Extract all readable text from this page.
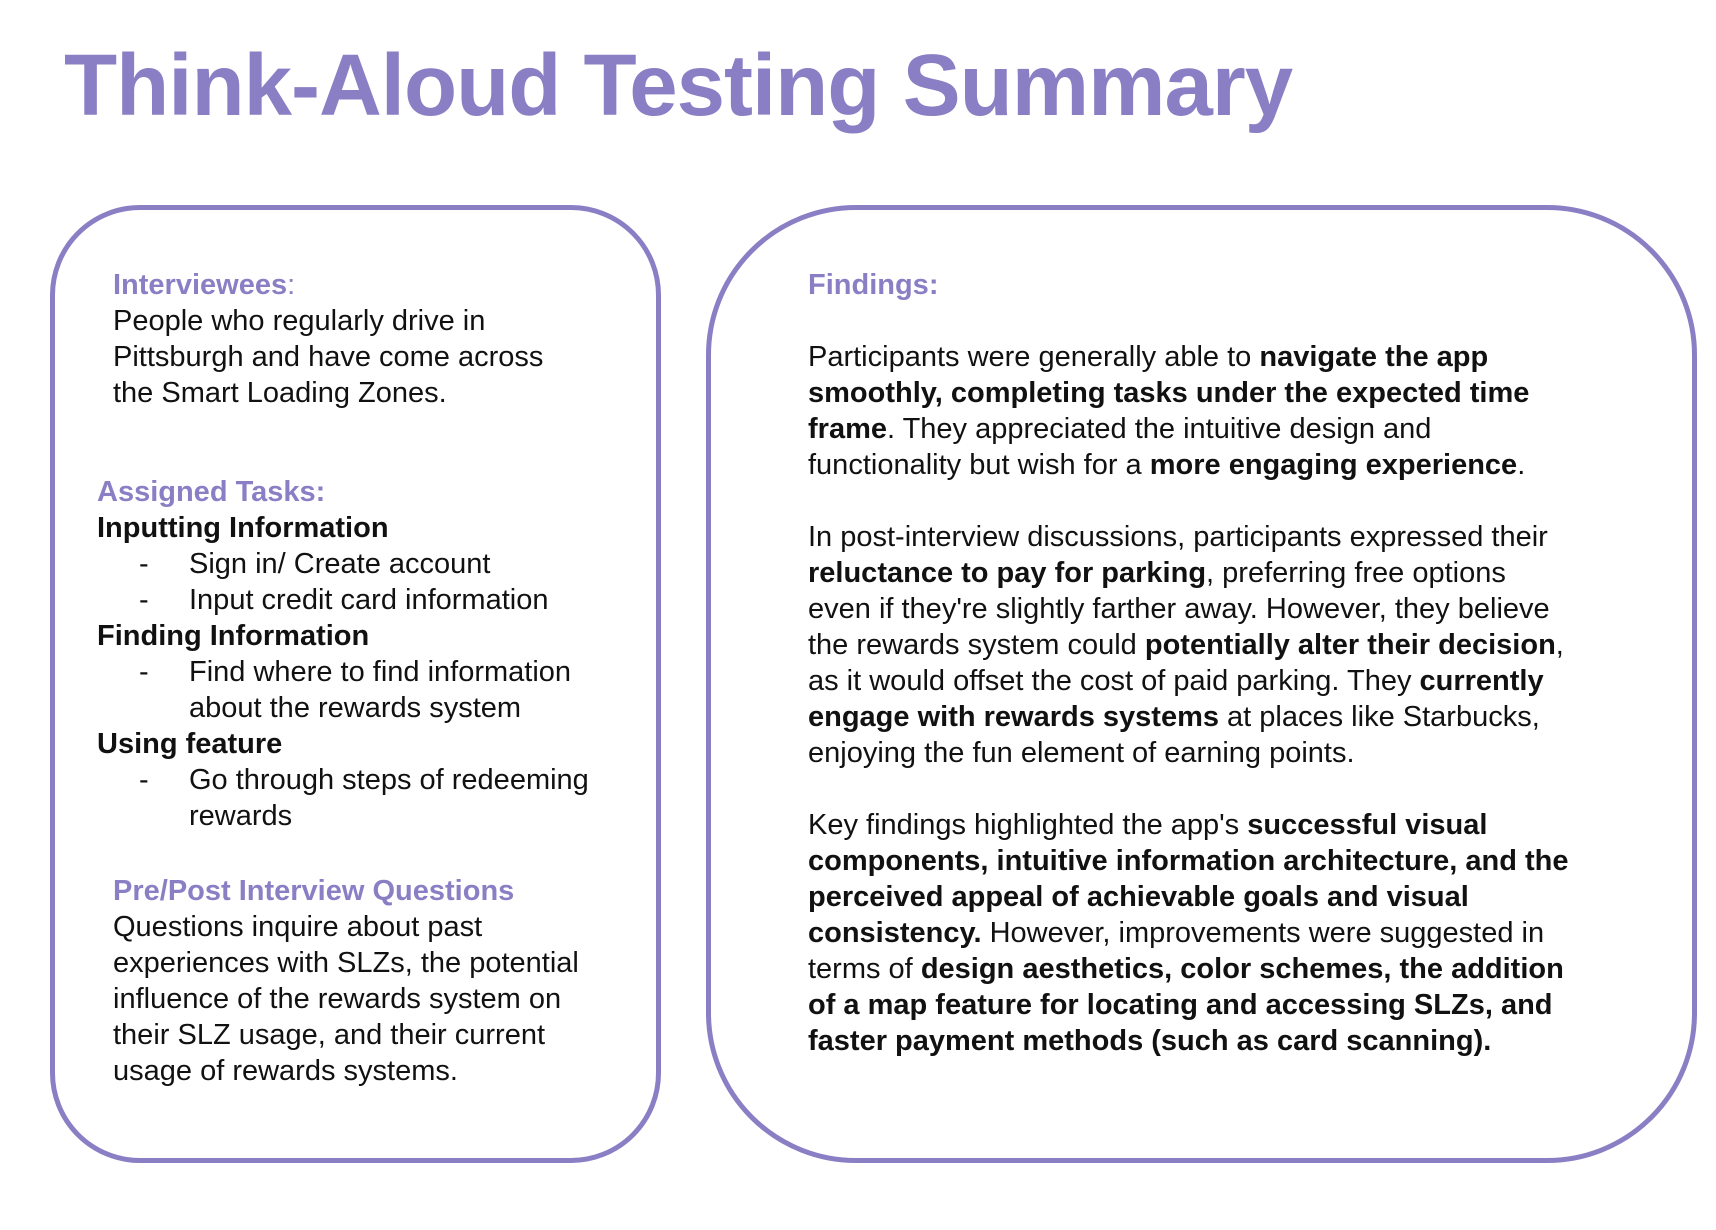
Think-Aloud Testing Summary
Interviewees:

People who regularly drive in

Pittsburgh and have come across

the Smart Loading Zones.

Assigned Tasks:
Inputting Information
-	Sign in/ Create account
-	Input credit card information
Finding Information
-	Find where to find information
about the rewards system
Using feature
-	Go through steps of redeeming
rewards
Pre/Post Interview Questions

Questions inquire about past

experiences with SLZs, the potential

influence of the rewards system on

their SLZ usage, and their current

usage of rewards systems.

Findings:

Participants were generally able to navigate the app
smoothly, completing tasks under the expected time
frame. They appreciated the intuitive design and
functionality but wish for a more engaging experience.

In post-interview discussions, participants expressed their
reluctance to pay for parking, preferring free options
even if they're slightly farther away. However, they believe
the rewards system could potentially alter their decision,
as it would offset the cost of paid parking. They currently
engage with rewards systems at places like Starbucks,
enjoying the fun element of earning points.

Key findings highlighted the app's successful visual
components, intuitive information architecture, and the
perceived appeal of achievable goals and visual
consistency. However, improvements were suggested in
terms of design aesthetics, color schemes, the addition
of a map feature for locating and accessing SLZs, and
faster payment methods (such as card scanning).
